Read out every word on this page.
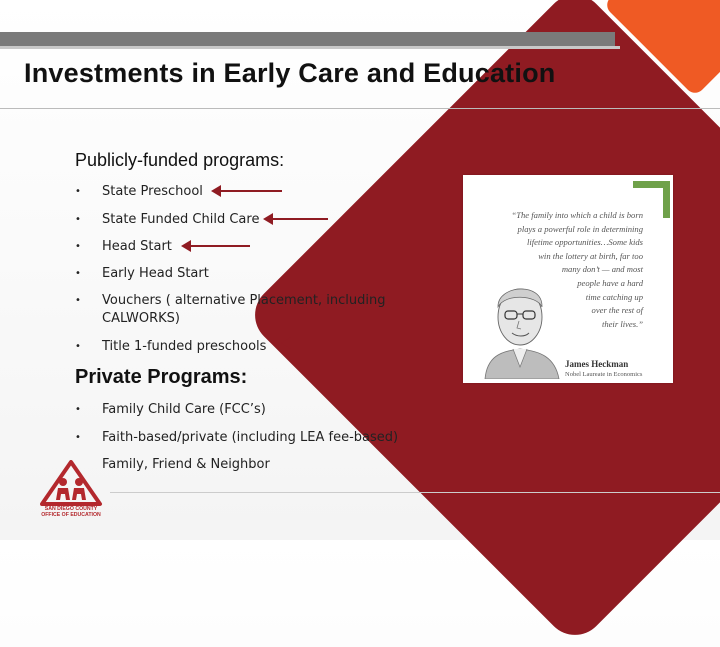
Investments in Early Care and Education
Publicly-funded programs:
• State Preschool
• State Funded Child Care
• Head Start
• Early Head Start
• Vouchers ( alternative Placement, including
CALWORKS)
• Title 1-funded preschools
Private Programs:
• Family Child Care (FCC’s)
• Faith-based/private (including LEA fee-based)
Family, Friend & Neighbor
“The family into which a child is born
plays a powerful role in determining
lifetime opportunities…Some kids
win the lottery at birth, far too
many don’t — and most
people have a hard
time catching up
over the rest of
their lives.”
James Heckman
Nobel Laureate in Economics
SAN DIEGO COUNTY
OFFICE OF EDUCATION
